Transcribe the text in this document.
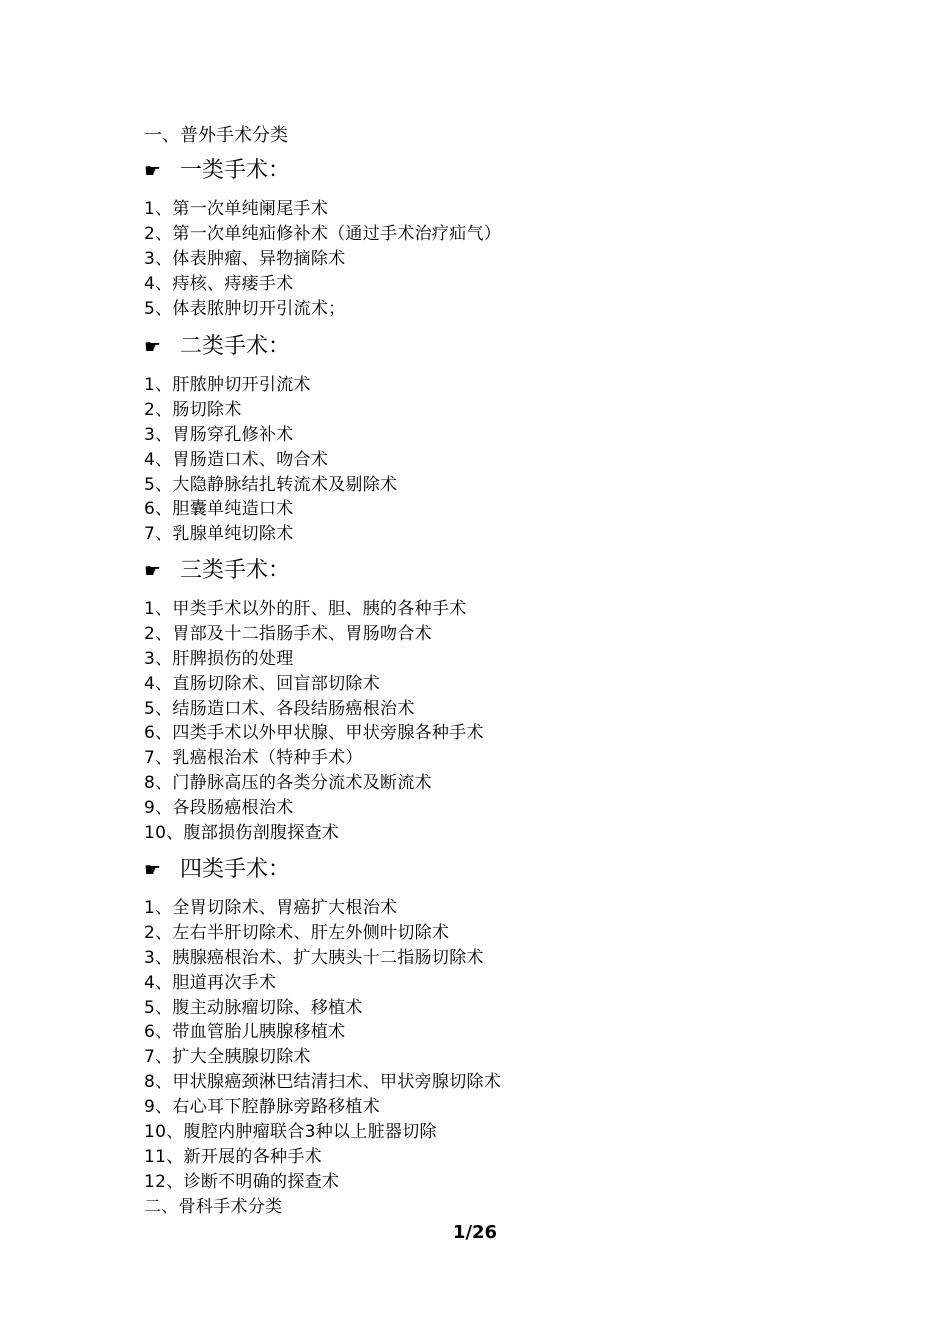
一、普外手术分类
☛ 一类手术：
1、第一次单纯阑尾手术
2、第一次单纯疝修补术（通过手术治疗疝气）
3、体表肿瘤、异物摘除术
4、痔核、痔瘘手术
5、体表脓肿切开引流术；
☛ 二类手术：
1、肝脓肿切开引流术
2、肠切除术
3、胃肠穿孔修补术
4、胃肠造口术、吻合术
5、大隐静脉结扎转流术及剔除术
6、胆囊单纯造口术
7、乳腺单纯切除术
☛ 三类手术：
1、甲类手术以外的肝、胆、胰的各种手术
2、胃部及十二指肠手术、胃肠吻合术
3、肝脾损伤的处理
4、直肠切除术、回盲部切除术
5、结肠造口术、各段结肠癌根治术
6、四类手术以外甲状腺、甲状旁腺各种手术
7、乳癌根治术（特种手术）
8、门静脉高压的各类分流术及断流术
9、各段肠癌根治术
10、腹部损伤剖腹探查术
☛ 四类手术：
1、全胃切除术、胃癌扩大根治术
2、左右半肝切除术、肝左外侧叶切除术
3、胰腺癌根治术、扩大胰头十二指肠切除术
4、胆道再次手术
5、腹主动脉瘤切除、移植术
6、带血管胎儿胰腺移植术
7、扩大全胰腺切除术
8、甲状腺癌颈淋巴结清扫术、甲状旁腺切除术
9、右心耳下腔静脉旁路移植术
10、腹腔内肿瘤联合3种以上脏器切除
11、新开展的各种手术
12、诊断不明确的探查术
二、骨科手术分类
1/26
